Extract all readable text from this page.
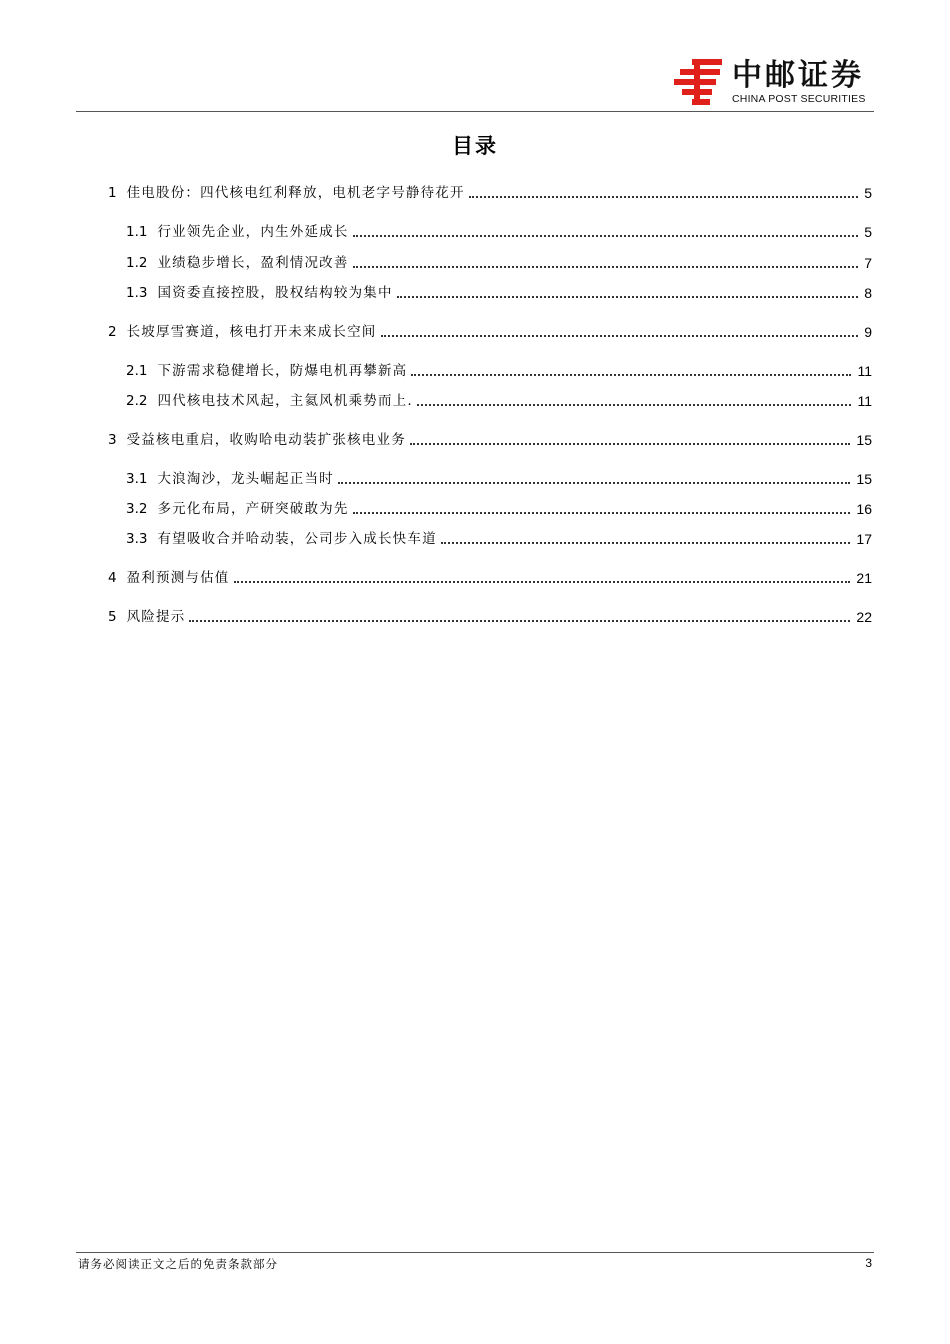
中邮证券
CHINA POST SECURITIES
目录
1 佳电股份：四代核电红利释放，电机老字号静待花开	5
1.1 行业领先企业，内生外延成长	5
1.2 业绩稳步增长，盈利情况改善	7
1.3 国资委直接控股，股权结构较为集中	8
2 长坡厚雪赛道，核电打开未来成长空间	9
2.1 下游需求稳健增长，防爆电机再攀新高	11
2.2 四代核电技术风起，主氦风机乘势而上.	11
3 受益核电重启，收购哈电动装扩张核电业务	15
3.1 大浪淘沙，龙头崛起正当时	15
3.2 多元化布局，产研突破敢为先	16
3.3 有望吸收合并哈动装，公司步入成长快车道	17
4 盈利预测与估值	21
5 风险提示	22
请务必阅读正文之后的免责条款部分	3
